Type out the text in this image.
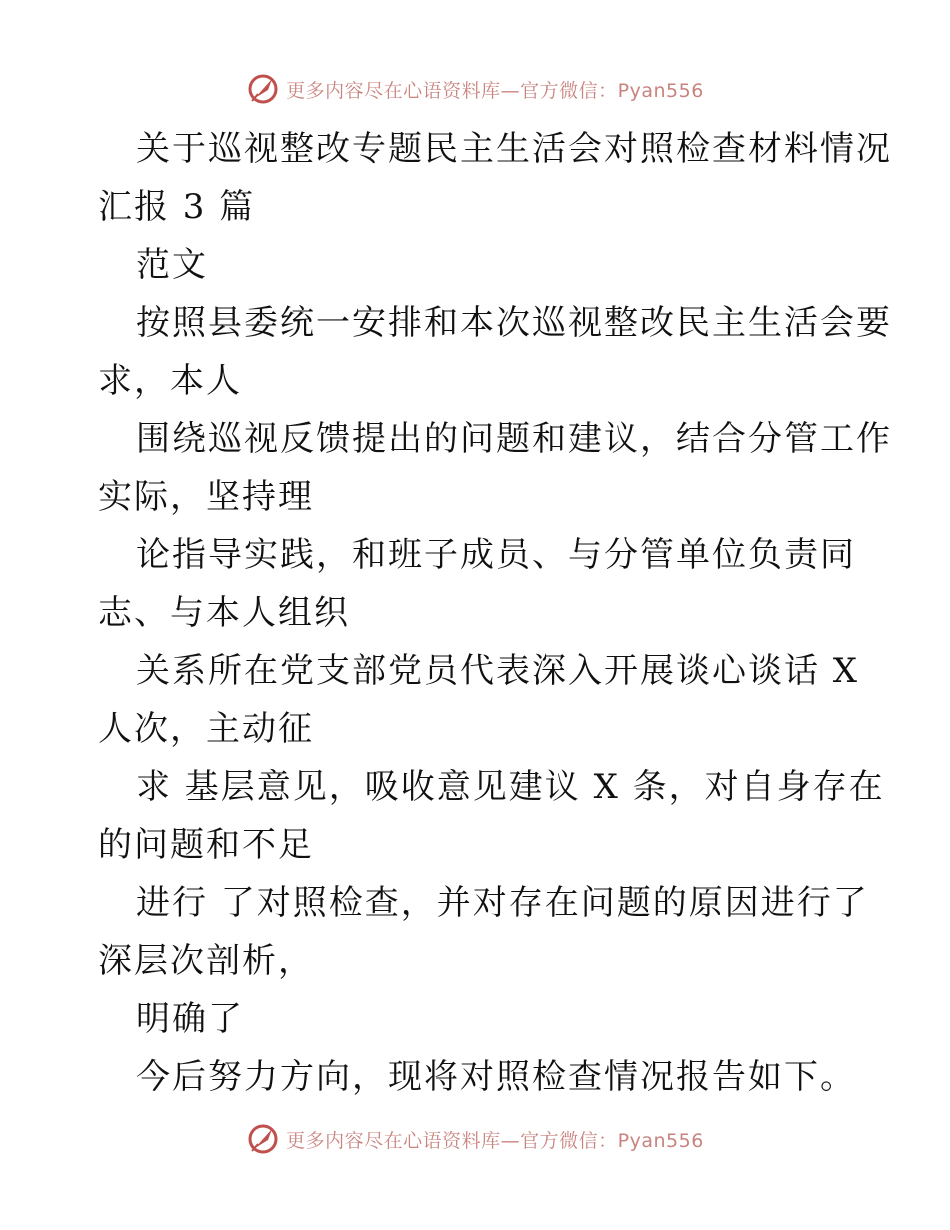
更多内容尽在心语资料库—官方微信：Pyan556
关于巡视整改专题民主生活会对照检查材料情况
汇报 3 篇
范文
按照县委统一安排和本次巡视整改民主生活会要
求，本人
围绕巡视反馈提出的问题和建议，结合分管工作
实际，坚持理
论指导实践，和班子成员、与分管单位负责同
志、与本人组织
关系所在党支部党员代表深入开展谈心谈话 X
人次，主动征
求 基层意见，吸收意见建议 X 条，对自身存在
的问题和不足
进行 了对照检查，并对存在问题的原因进行了
深层次剖析，
明确了
今后努力方向，现将对照检查情况报告如下。
更多内容尽在心语资料库—官方微信：Pyan556
